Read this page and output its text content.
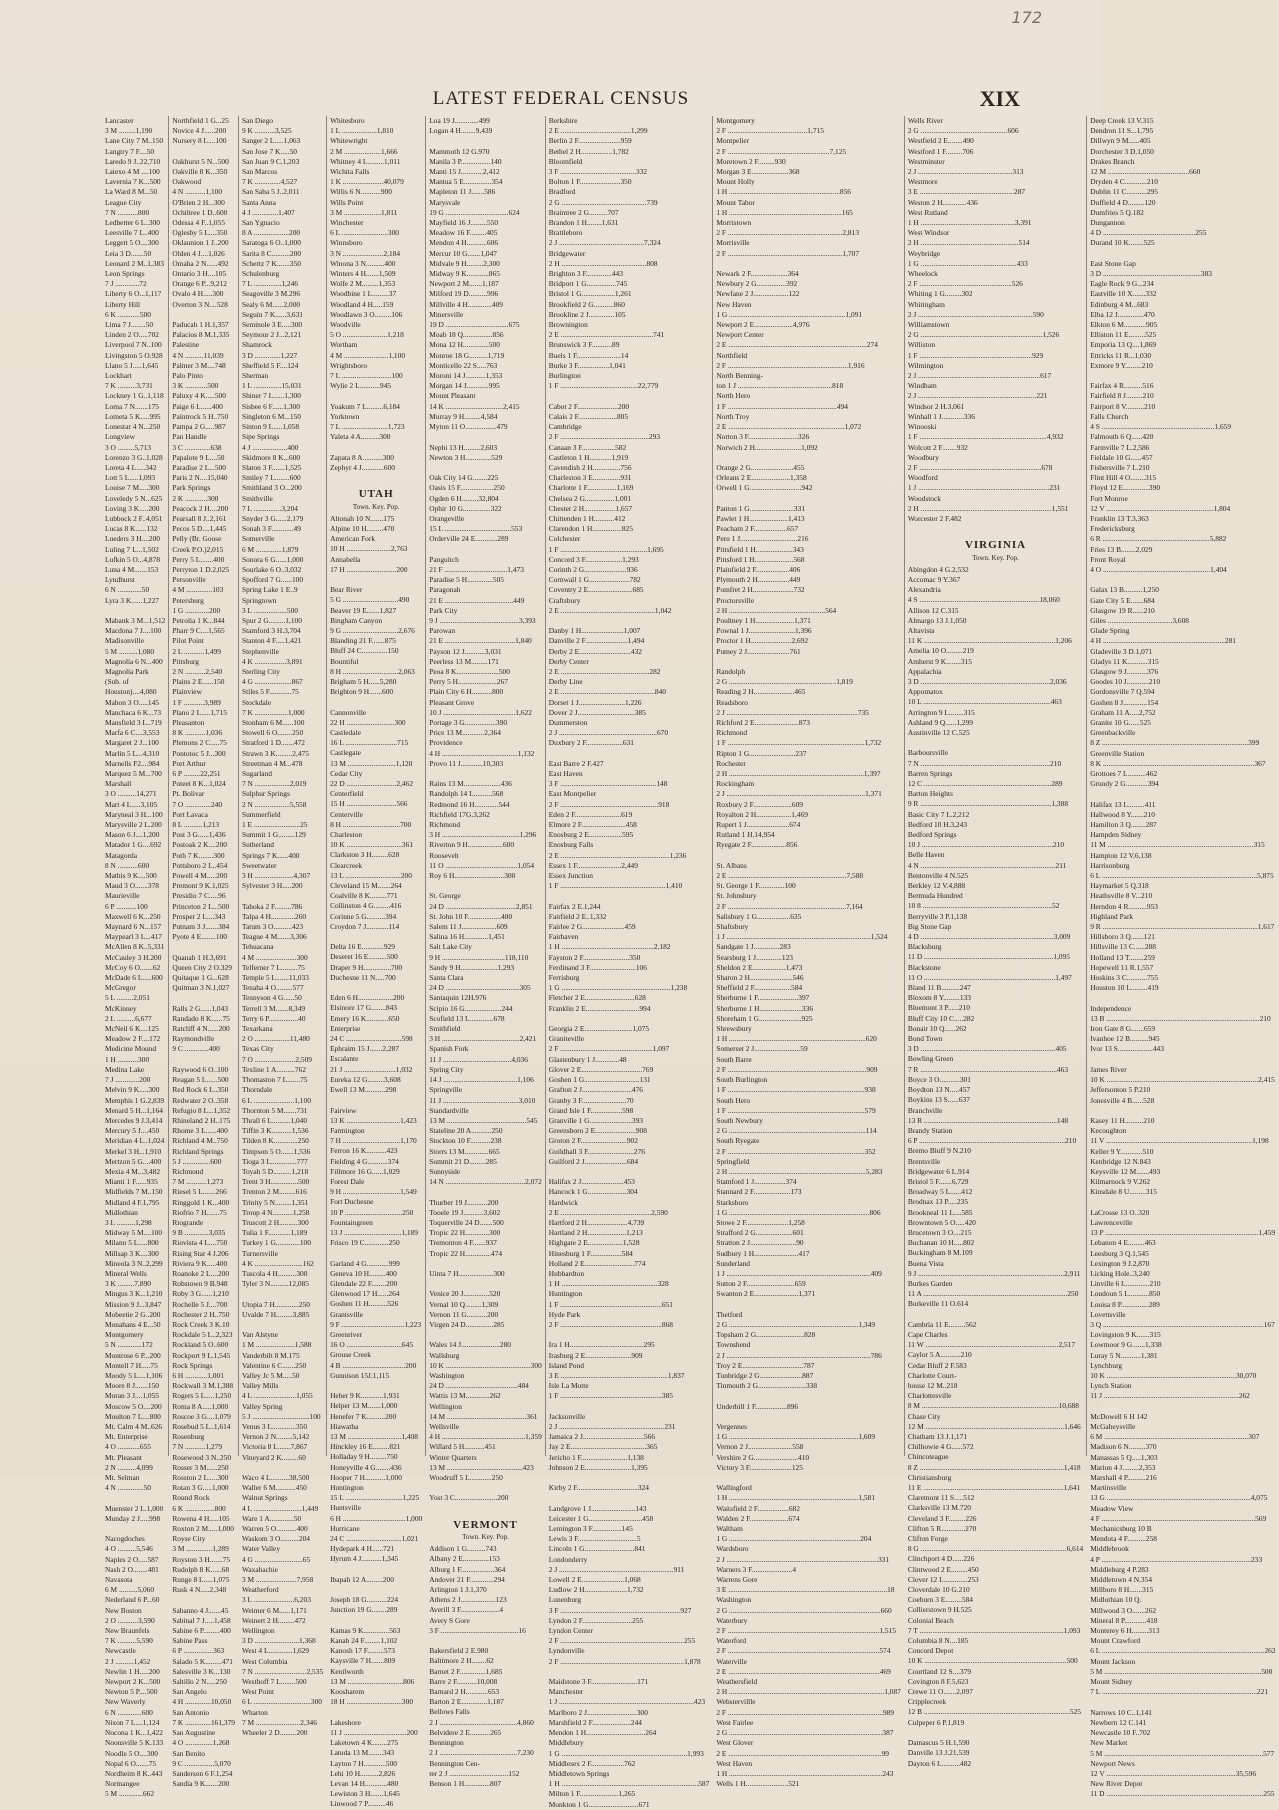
172
LATEST FEDERAL CENSUS	XIX
Lancaster
3 M .........1,190
Lane City 7 M..150
Langtry 7 F....50
Laredo 9 J..22,710
Latexo 4 M ....100
Lavernia 7 K...500
La Ward 8 M...50
League City
7 N ...........800
Ledbetter 6 L..300
Leesville 7 L..400
Leggett 5 O....300
Leia 3 D.......50
Leonard 2 M..1,383
Leon Springs
7 J .............72
Liberty 6 O...1,117
Liberty Hill
6 K ............500
Lima 7 J........50
Linden 2 O.....702
Liverpool 7 N..100
Livingston 5 O.928
Llano 5 J.....1,645
Lockhart
7 K ..........3,731
Lockney 1 G..1,118
Loma 7 N.......175
Lometa 5 K.....995
Lonestar 4 N...250
Longview
3 O .........5,713
Lorenzo 3 G..1,028
Loreta 4 L.....342
Lott 5 L.....1,093
Louise 7 M.....300
Loveledy 5 N...625
Loving 3 K.....200
Lubbock 2 F..4,051
Lucas 8 K......132
Lueders 3 H....200
Luling 7 L...1,502
Lufkin 5 O...4,878
Luna 4 M.......153
Lyndhurst
6 N .............50
Lyra 3 K......1,227

Mabank 3 M...1,512
Macdona 7 J....100
Madisonville
5 M ..........1,080
Magnolia 6 N...400
Magnolia Park
(Sub. of
Houston)....4,080
Mahon 3 O.....145
Manchaca 6 K...73
Mansfield 3 L..719
Marfa 6 C....3,553
Margaret 2 J...100
Marlin 5 L...4,310
Marnells F2....984
Marquez 5 M...700
Marshall
3 O ..........14,271
Mart 4 L.....3,105
Maryneal 3 H...100
Marysville 2 L.200
Mason 6 J....1,200
Matador 1 G....692
Matagorda
8 N ...........600
Mathis 9 K....500
Maud 3 O.......378
Maurieville
6 P ...........100
Maxwell 6 K...250
Maynard 6 N...157
Maypearl 3 L...417
McAllen 8 K..5,331
McCauley 3 H.200
McCoy 6 O.......62
McDade 6 L.....600
McGregor
5 L .........2,051
McKinney
2 L ..........6,677
McNeil 6 K....125
Meadow 2 F....172
Medicine Mound
1 H ...........300
Medina Lake
7 J .............200
Melvin 9 K.....300
Memphis 1 G.2,839
Menard 5 H...1,164
Mercedes 9 J.3,414
Mercury 5 J....450
Meridian 4 L..1,024
Merkel 3 H...1,910
Mertzon 5 G....400
Mexia 4 M...3,482
Miami 1 F......935
Midfields 7 M..150
Midland 4 F.1,795
Midlothian
3 L ..........1,298
Midway 5 M....100
Milano 5 L.....800
Millsap 3 K....300
Mineola 3 N..2,299
Mineral Wells
3 K .........7,890
Mingus 3 K...1,210
Mission 9 J...3,847
Mobeetie 2 G..200
Monahans 4 E...50
Montgomery
5 N .............172
Montrose 6 P...200
Montell 7 H.....75
Moody 5 L....1,106
Moore 8 J.......150
Moran 3 J....1,055
Moscow 5 O....200
Moulton 7 L....800
Mt. Calm 4 M..626
Mt. Enterprise
4 O ............655
Mt. Pleasant
2 N ..........4,099
Mt. Selman
4 N ..............50

Muenster 2 L.1,000
Munday 2 J.....998

Nacogdoches
4 O ..........5,546
Naples 2 O.....587
Nash 2 O........481
Navasota
6 M ..........5,060
Nederland 6 P...60
New Boston
2 O ...........3,590
New Braunfels
7 K ..........5,590
Newcastle
2 J ..........1,452
Newlin 1 H.....200
Newport 2 K...500
Newton 5 P....500
New Waverly
6 N .............600
Nixon 7 L....1,124
Nocona 1 K...1,422
Noonsville 5 K.133
Noodle 5 O....300
Nopal 6 O.......75
Nordheim 8 K..443
Normangee
5 M .............662
Northfield 1 G...25
Novice 4 J......200
Nursery 8 L....100

Oakhurst 5 N...500
Oakville 8 K...350
Oakwood
4 N ...........1,100
O'Brien 2 H...300
Ochiltree 1 D..600
Odessa 4 F..1,055
Oglesby 5 L....350
Oklaunion 1 J..200
Olden 4 J....1,026
Omaha 2 N......492
Ontario 3 H....105
Orange 6 P...9,212
Ovalo 4 H.....300
Overton 3 N....528

Paducah 1 H.1,357
Palacios 8 M.1,335
Palestine
4 N ..........11,039
Palmer 3 M....748
Palo Pinto
3 K ............500
Paluxy 4 K.....500
Paige 6 L......400
Paintrock 5 H..750
Pampa 2 G.....987
Pan Handle
3 C ..............638
Papalote 9 L....50
Paradise 2 L...500
Paris 2 N....15,040
Park Springs
2 K ............300
Peacock 2 H....200
Pearsall 8 J..2,161
Pecos 5 D....1,445
Pelly (Br. Goose
Creek P.O.)2,015
Perry 5 L.......400
Perryton 1 D.2,025
Personville
4 M ..............103
Petersburg
1 G .............200
Petrolia 1 K...844
Pharr 9 C....1,565
Pilot Point
2 L ...........1,499
Pittsburg
2 N ...........2,540
Plains 2 E......150
Plainview
1 F ...........3,989
Plano 2 L.....1,715
Pleasanton
8 K ...........1,036
Plemons 2 C.....75
Pontotoc 5 J...300
Port Arthur
6 P .........22,251
Poteet 8 K...1,024
Pt. Bolivar
7 O ..............240
Port Lavaca
8 L ..........1,213
Post 3 G......1,436
Postoak 2 K....200
Poth 7 K........300
Pottsboro 2 L..454
Powell 4 M.....200
Premont 9 K.1,025
Presidio 7 C.....96
Princeton 2 L...500
Prosper 2 L....343
Putnam 3 J.......384
Pyote 4 E........100

Quanah 1 H.3,691
Queen City 2 O.329
Quitaque 1 G...628
Quitman 3 N.1,027

Ralls 2 G......1,043
Randado 8 K......75
Ratcliff 4 N......200
Raymondville
9 C .............400

Raywood 6 O..100
Reagan 5 L......500
Red Rock 6 L..350
Redwater 2 O..358
Refugio 8 L...1,352
Rhineland 2 H..175
Rhome 3 L......400
Richland 4 M..750
Richland Springs
5 J ...............600
Richmond
7 M ...........1,273
Riesel 5 L.......266
Ringgold 1 K...400
Riofrio 7 H.......75
Riogrande
9 B .............3,035
Riovista 4 L....750
Rising Star 4 J.206
Riviera 9 K.....400
Roanoke 2 L....200
Robstown 9 B.948
Roby 3 G......1,210
Rochelle 5 J....700
Rochester 2 H..750
Rock Creek 3 K.10
Rockdale 5 L..2,323
Rockland 5 O..600
Rockport 9 L.1,545
Rock Springs
6 H ............1,001
Rockwall 3 M.1,388
Rogers 5 L.....1,250
Roma 8 A.....1,000
Roscoe 3 G....1,079
Rosebud 5 L..1,614
Rosenburg
7 N ...........1,279
Rosewood 3 N..250
Rosser 3 M......250
Rosston 2 L.....300
Rotan 3 G.....1,000
Round Rock
6 K ................800
Rowena 4 H.....105
Roxton 2 M.....1,000
Royse City
3 M ..............1,289
Royston 3 H.......75
Rudolph 8 K......68
Runge 8 L.....1,075
Rusk 4 N.....2,348

Sabanno 4 J.......45
Sabinal 7 J.....1,458
Sabine 6 P.........400
Sabine Pass
6 P ................363
Salado 5 K.........471
Salesville 3 K...130
Saltillo 2 N.....250
San Angelo
4 H ..............10,050
San Antonio
7 K ..............161,379
San Augustine
4 O ...............1,268
San Benito
9 C ................5,070
Sanderson 6 F.1,254
Sandia 9 K.......200
San Diego
9 K ...........3,525
Sanger 2 L.....1,063
San Jose 7 K.....50
San Juan 9 C.1,203
San Marcos
7 K ..............4,527
San Saba 5 J..2,011
Santa Anna
4 J ..............1,407
San Ygnacio
8 A ...................200
Saratoga 6 O..1,000
Sarita 8 C..........200
Schertz 7 K.......350
Schulenburg
7 L ...............1,246
Seagoville 3 M.296
Sealy 6 M......2,000
Seguin 7 K......3,631
Seminole 3 E.....300
Seymour 2 J...2,121
Shamrock
3 D ..............1,227
Sheffield 5 F....124
Sherman
1 L ...............15,031
Shiner 7 L......1,300
Sisbee 6 F......1,300
Singleton 6 M...150
Sinton 9 L.....1,058
Sipe Springs
4 J ...................400
Skidmore 8 K...600
Slaton 3 F.......1,525
Smiley 7 L........600
Smithland 3 O...200
Smithville
7 L ...............3,204
Snyder 3 G......2,179
Sonah 3 F............49
Somerville
6 M ..............1,879
Sonora 6 G......1,000
Sourlake 6 O..3,032
Spofford 7 G......100
Spring Lake 1 E..9
Springtown
3 L ..................500
Spur 2 G.........1,100
Stamford 3 H.3,704
Stanton 4 F.....1,421
Stephenville
4 K .................3,891
Sterling City
4 G ....................867
Stiles 5 F............75
Stockdale
7 K ..................1,000
Stonham 6 M......100
Stowell 6 O........250
Stratford 1 D.......472
Strawn 3 K.........2,475
Streetman 4 M...478
Sugarland
7 N ...................2,019
Sulphur Springs
2 N ...................5,558
Summerfield
1 E .........................25
Summit 1 G.........129
Sutherland
Springs 7 K......400
Sweetwater
3 H .....................4,307
Sylvester 3 H.....200

Tahoka 2 F.........786
Talpa 4 H.............260
Tatum 3 O..........423
Teague 4 M.......3,306
Tehuacana
4 M ......................300
Telferner 7 L.........75
Temple 5 L.......11,033
Tenaha 4 O.........577
Tennyson 4 G......50
Terrell 3 M.......8,349
Terry 6 P................40
Texarkana
2 O ...................11,480
Texas City
7 O ......................2,509
Texline 1 A..........762
Thomaston 7 L.......75
Thorndale
6 L ......................1,100
Thornton 5 M.......731
Thrall 6 L..........1,040
Tiffin 3 K...........1,536
Tilden 8 K.............250
Timpson 5 O.......1,536
Tioga 3 L..............777
Toyah 5 D..........1,218
Trent 3 H...............500
Trenton 2 M.........616
Trinity 5 N.........1,351
Troup 4 N...........1,258
Truscott 2 H..........300
Tulia 1 F............1,189
Turkey 1 G.............100
Turnersville
4 K ..........................162
Tuscola 4 H..........300
Tyler 3 N..........12,085

Utopia 7 H.............250
Uvalde 7 H.........3,885

Van Alstyne
1 M .....................1,588
Vanderbilt 8 M.175
Valentine 6 C.......250
Valley Jc 5 M.....50
Valley Mills
4 L .......................1,055
Valley Spring
5 J ...............................100
Venus 3 L.............350
Vernon 2 N.........5,142
Victoria 8 L.......7,867
Vineyard 2 K.........60

Waco 4 L..........38,500
Waller 6 M...........450
Walnut Springs
4 L ..........................1,449
Ware 1 A.............50
Warren 5 O...........400
Waskom 3 O..........204
Water Valley
4 G ..........................65
Waxahachie
3 M ......................7,958
Weatherford
3 L ......................6,203
Weimer 6 M......1,171
Weinert 2 H.........472
Wellington
3 D ........................1,368
West 4 L.............1,629
West Columbia
7 N ............................2,535
Westhoff 7 L........500
West Point
6 L ...............................300
Wharton
7 M ........................2,346
Wheeler 2 D.........200
Whitesboro
1 L ...................1,810
Whitewright
2 M ....................1,666
Whitney 4 L.........1,011
Wichita Falls
1 K ......................40,079
Willis 6 N...........900
Wills Point
3 M ....................1,811
Winchester
6 L .........................300
Winnsboro
3 N ......................2,184
Winona 3 N..........400
Winters 4 H.......1,509
Wolfe 2 M.........1,353
Woodbine 1 L.........37
Woodland 4 H.....159
Woodlawn 3 O.........106
Woodville
5 O ........................1,218
Wortham
4 M ........................1,100
Wrightsboro
7 L ...........................100
Wylie 2 L...........945

Yoakum 7 L.........6,184
Yorktown
7 L .........................1,723
Yaleta 4 A..........300

Zapata 8 A...........300
Zephyr 4 J............600

UTAH
Town. Key. Pop.
Altonah 10 N.......175
Alpine 10 H.........470
American Fork
10 H ........................2,763
Annabella
17 H ...........................200

Bear River
5 G ..............................490
Beaver 19 E.......1,827
Bingham Canyon
9 G ..............................2,676
Blanding 21 F.......875
Bluff 24 C..............150
Bountiful
8 H ..............................2,063
Brigham 5 H......5,280
Brighton 9 H.......600

Cannonville
22 H ..........................300
Castledale
16 L ............................715
Castlegate
13 M ..........................1,120
Cedar City
22 D ...........................2,462
Centerfield
15 H ...........................566
Centerville
8 H ...............................700
Charleston
10 K ..............................361
Clarkston 3 H.........628
Clearcreek
13 L ..............................200
Cleveland 15 M.......264
Coalville 8 K.........771
Collinston 4 G.........416
Corinne 5 G..........394
Croydon 7 J............114

Delta 16 E............929
Deseret 16 E..........500
Draper 9 H...............700
Duchesne 11 N.....700

Eden 6 H...................200
Elsinore 17 G........843
Emery 16 K............650
Enterprise
24 C ..............................598
Ephraim 15 J.......2,287
Escalante
21 J ............................1,032
Eureka 12 G.........3,608
Ewell 13 M...........298

Fairview
13 K .............................1,423
Farmington
7 H ...............................1,170
Ferron 16 K...........423
Fielding 4 G...........374
Fillmore 16 G......1,029
Forest Dale
9 H ...............................1,549
Fort Duchesne
10 P ...............................250
Fountaingreen
13 J ...............................1,189
Frisco 19 C.............250

Garland 4 G............999
Geneva 10 H.........400
Glendale 22 F........200
Glenwood 17 H......264
Goshen 11 H..........526
Grantsville
9 F ..................................1,223
Greenriver
16 O ..............................645
Grouse Creek
4 B ..................................200
Gunnison 15J.1,115

Heber 9 K............1,931
Helper 13 M.......1,000
Henefer 7 K..........200
Hiawatha
13 M .............................1,408
Hinckley 16 E.........821
Holladay 9 H.........750
Honeyville 4 G........436
Hooper 7 H...........1,000
Huntington
15 L ...............................1,225
Huntsville
6 H ..................................1,000
Hurricane
24 C ..............................1,021
Hydepark 4 H......721
Hyrum 4 J...........1,345

Ibapah 12 A.........200

Joseph 18 G...........224
Junction 19 G........289

Kamas 9 K..............563
Kanab 24 F.........1,102
Kanosh 17 F.........573
Kaysville 7 H.......809
Kenilworth
13 M ..............................806
Koosharem
18 H ..............................300

Lakeshore
11 J ..................................200
Laketown 4 K........275
Latuda 13 M........343
Layton 7 H............500
Lehi 10 H..........2,826
Levan 14 H............480
Lewiston 3 H.......1,645
Linwood 7 P..........46
Loa 19 J.............499
Logan 4 H........9,439

Mammoth 12 G.970
Manila 3 P................140
Manti 15 J............2,412
Mantua 5 E...............354
Mapleton 11 J.......586
Marysvale
19 G ..................................624
Mayfield 16 J.........550
Meadow 16 F.........405
Mendon 4 H...........606
Mercur 10 G.......1,047
Midvale 9 H.........2,300
Midway 9 K............865
Newport 2 M.......1,187
Milford 19 D..........996
Millville 4 H.............409
Minersville
19 D ..................................675
Moab 18 Q................856
Mona 12 H..............500
Monroe 18 G..........1,719
Monticello 22 S.....763
Moroni 14 J...........1,353
Morgan 14 J............995
Mount Pleasant
14 K ...............................2,415
Murray 9 H.........4,584
Myton 11 O.................479

Nephi 13 H.........2,603
Newton 3 H..............529

Oak City 14 G........225
Oasis 15 F..................250
Ogden 6 H.........32,804
Ophir 10 G...............322
Orangeville
15 L ....................................553
Orderville 24 E............289

Panguitch
21 F ..................................1,473
Paradise 5 H..............505
Paragonah
21 E .....................................449
Park City
9 J ...........................................3,393
Parowan
21 E ......................................1,840
Payson 12 J...........3,031
Peerless 13 M.........171
Peoa 8 K.......................500
Perry 5 H.....................267
Plain City 6 H...........800
Pleasant Grove
10 J .......................................1,622
Portage 3 G.................390
Price 13 M............2,364
Providence
4 H .........................................1,132
Provo 11 J............10,303

Rains 13 M....................436
Randolph 14 L..........568
Redmond 16 H.............544
Richfield 17G.3,262
Richmond
3 H ..........................................1,296
Riverton 9 H...................600
Roosevelt
11 O .......................................1,054
Roy 6 H...........................300

St. George
24 D ......................................2,851
St. John 10 F..................400
Salem 11 J...................609
Salina 16 H.............1,451
Salt Lake City
9 H ..................................118,110
Sandy 9 H....................1,293
Santa Clara
24 D ........................................305
Santaquin 12H.976
Scipio 16 G....................244
Scofield 13 L.............678
Smithfield
3 H ..........................................2,421
Spanish Fork
11 J .....................................4,036
Spring City
14 J ........................................1,106
Springville
11 J .........................................3,010
Standardville
13 M ...........................................545
Stateline 20 A...........250
Stockton 10 F...........238
Storrs 13 M.............665
Summit 21 D.........285
Sunnyside
14 N ...........................................2,072

Thurber 19 J...........200
Tooele 19 J...........3,602
Toquerville 24 D.......500
Tropic 22 H.............300
Tremonton 4 F.......937
Tropic 22 H..............474

Uinta 7 H...................300

Venice 20 J..............520
Vernal 10 Q.........1,309
Vernon 11 G...........200
Virgen 24 D...............285

Wales 14 J.....................280
Wallsburg
10 K ..............................................300
Washington
24 D .......................................484
Wattis 13 M.............262
Wellington
14 M ...........................................361
Wellsville
4 H .............................................1,359
Willard 5 H...........451
Winter Quarters
13 M .........................................423
Woodruff 5 L............250

Yost 3 C.......................200

VERMONT
Town. Key. Pop.
Addison 1 G..........743
Albany 2 E..............153
Alburg 1 F..................364
Andover 21 F.............294
Arlington 1 J.1,370
Athens 2 J...................123
Averill 3 F.....................4
Avery S Gore
3 F ..........................................16

Bakersfield 2 E.980
Baltimore 2 H........62
Barnet 2 F..............1,685
Barre 2 F...........10,008
Barnard 2 H............653
Barton 2 E..............1,187
Bellows Falls
2 J ..........................................4,860
Belvidere 2 E...........265
Bennington
2 J ..........................................7,230
Bennington Cen-
ter 2 J ................................152
Benson 1 H..............807
Berkshire
2 E ......................................1,299
Berlin 2 F.......................959
Bethel 2 H.................1,782
Bloomfield
3 F .........................................332
Bolton 1 F......................350
Bradford
2 G ..............................................739
Braintree 2 G..........707
Brandon 1 H........1,631
Brattleboro
2 J ..............................................7,324
Bridgewater
2 H ..............................................808
Brighton 3 F..............443
Bridport 1 G................745
Bristol 1 G..................1,261
Brookfield 2 G...........860
Brookline 2 J..............105
Brownington
2 E ..................................................741
Brunswick 3 F...........89
Buels 1 F........................14
Burke 3 F.................1,041
Burlington
1 F ..........................................22,779

Cabot 2 F......................200
Calais 2 F.....................805
Cambridge
2 F ................................................293
Canaan 3 F..................582
Castleton 1 H............1,919
Cavendish 2 H...............756
Charleston 3 E...............931
Charlotte 1 F................1,169
Chelsea 2 G................1,001
Chester 2 H.................1,657
Chittenden 1 H...........412
Clarendon 1 H................825
Colchester
1 F ...............................................1,695
Concord 3 F....................1,293
Corinth 2 G.......................936
Cornwall 1 G......................782
Coventry 2 E........................685
Craftsbury
2 E ...................................................1,042

Danby 1 H.......................1,007
Danville 2 F.......................1,494
Derby 2 E............................432
Derby Center
2 E ................................................282
Derby Line
2 E ...................................................840
Dorset 1 J.........................1,226
Dover 2 J...............................385
Dummerston
2 J .....................................................670
Duxbury 2 F....................631

East Barre 2 F.427
East Haven
3 F ....................................................148
East Montpelier
2 F .....................................................918
Eden 2 F.........................619
Elmore 2 F........................458
Enosburg 2 E..................595
Enosburg Falls
2 E ...........................................................1,236
Essex 1 F........................2,449
Essex Junction
1 F .........................................................1,410

Fairfax 2 E.1,244
Fairfield 2 E..1,332
Fairlee 2 G.......................459
Fairhaven
1 H ..................................................2,182
Fayston 2 F.........................350
Ferdinand 3 F.........................106
Ferrisburg
1 G ...........................................................1,238
Fletcher 2 E...........................628
Franklin 2 E.............................994

Georgia 2 E..........................1,075
Graniteville
2 F ..................................................1,097
Glastenbury 1 J.............48
Glover 2 E.................................769
Goshen 1 G..............................131
Grafton 2 J...........................476
Granby 3 F........................70
Grand Isle 1 F.................598
Granville 1 G.......................393
Greensboro 2 E......................908
Groton 2 F.........................902
Guildhall 3 F.........................276
Guilford 2 J.......................684

Halifax 2 J.......................453
Hancock 1 G.....................304
Hardwick
2 E .................................................2,590
Hartford 2 H......................4,739
Hartland 2 H.....................1,213
Highgate 2 E...................1,528
Hinesburg 1 F.................584
Holland 2 E...........................774
Hubbardton
1 H ....................................................328
Huntington
1 F .......................................................651
Hyde Park
2 F .......................................................868

Ira 1 H........................................295
Irasburg 2 E.........................909
Island Pond
3 E ..........................................................1,837
Isle La Motte
1 F .......................................................385

Jacksonville
2 J .........................................................231
Jamaica 2 J.................................566
Jay 2 E.........................................365
Jericho 1 F.........................1,138
Johnson 2 E.........................1,395

Kirby 2 F.................................324

Landgrove 1 J........................143
Leicester 1 G.............................458
Lemington 3 F................145
Lewis 3 F................................5
Lincoln 1 G...........................841
Londonderry
2 J ..............................................................911
Lowell 2 E.......................1,068
Ludlow 2 H.......................1,732
Lunenburg
3 F .................................................................927
Lyndon 2 F...........................255
Lyndon Center
2 F ...................................................................255
Lyndonville
2 F ...................................................................1,878

Maidstone 3 F.........................171
Manchester
1 J .........................................................................423
Marlboro 2 J...........................300
Marshfield 2 F.....................244
Mendon 1 H................................264
Middlebury
1 G ....................................................................1,993
Middlesex 2 F..................762
Middletown Springs
1 H ..........................................................................587
Milton 1 F.....................1,265
Monkton 1 G...........................671
Montgomery
2 F ...........................................1,715
Montpelier
2 F .......................................................7,125
Moretown 2 F.........930
Morgan 3 E....................368
Mount Holly
1 H ............................................................856
Mount Tabor
1 H .............................................................165
Morristown
2 F ..............................................................2,813
Morrisville
2 F ..............................................................1,707

Newark 2 F....................364
Newbury 2 G................392
Newfane 2 J...................122
New Haven
1 G ...............................................................1,091
Newport 2 E.....................4,976
Newport Center
2 E ...........................................................................274
Northfield
2 F .................................................................1,916
North Benning-
ton 1 J ...................................................818
North Hero
1 F ...........................................................494
North Troy
2 E ...............................................................1,072
Norton 3 F...........................326
Norwich 2 H.........................1,092

Orange 2 G.......................455
Orleans 2 E.....................1,358
Orwell 1 G............................942

Panton 1 G........................331
Pawlet 1 H.....................1,413
Peacham 2 F..................657
Peru 1 J...............................216
Pittsfield 1 H....................343
Pittsford 1 H.....................568
Plainfield 2 F..................406
Plymouth 2 H.................449
Pomfret 2 H......................732
Proctorsville
2 H ....................................................564
Poultney 1 H.....................1,371
Pownal 1 J.........................1,396
Proctor 1 H......................2,692
Putney 2 J.......................761

Randolph
2 G ..........................................................1,819
Reading 2 H......................465
Readsboro
2 J .......................................................................735
Richford 2 E........................873
Richmond
1 F ..........................................................................1,732
Ripton 1 G.........................237
Rochester
2 H .........................................................................1,397
Rockingham
2 J ...........................................................................1,371
Roxbury 2 F.....................609
Royalton 2 H...................1,469
Rupert 1 J.......................674
Rutland 1 H.14,954
Ryegate 2 F...................856

St. Albans
2 E ................................................................7,588
St. George 1 F..............100
St. Johnsbury
2 F ................................................................7,164
Salisbury 1 G..................635
Shaftsbury
1 J ..............................................................................1,524
Sandgate 1 J..............283
Searsburg 1 J..............123
Sheldon 2 E..................1,473
Sharon 2 H.......................546
Sheffield 2 F....................584
Sherburne 1 F......................397
Sherburne 1 H.......................336
Shoreham 1 G.......................925
Shrewsbury
1 H ..........................................................................620
Somerset 2 J.........................59
South Barre
2 F ...........................................................................909
South Burlington
1 F ..........................................................................938
South Hero
1 F ..........................................................................579
South Newbury
2 G ..........................................................................114
South Ryegate
2 F ..........................................................................352
Springfield
2 H ..........................................................................5,283
Stamford 1 J.................374
Stannard 2 F....................173
Starksboro
1 G ............................................................................806
Stowe 2 F.......................1,258
Strafford 2 G....................601
Stratton 2 J.........................90
Sudbury 1 H........................417
Sunderland
1 J ..............................................................................409
Sutton 2 F..........................659
Swanton 2 E........................1,371

Thetford
2 G ......................................................................1,349
Topsham 2 G..........................828
Townshend
2 J ..............................................................................786
Troy 2 E.................................787
Tunbridge 2 G.......................887
Tinmouth 2 G..........................338

Underhill 1 F.................896

Vergennes
1 G ......................................................................1,609
Vernon 2 J........................558
Vershire 2 G........................410
Victory 3 F.......................125

Wallingford
1 H ......................................................................1,581
Waitsfield 2 F.................682
Walden 2 F.....................674
Waltham
1 G .......................................................................204
Wardsboro
2 J ..................................................................................331
Warners 3 F......................4
Warrens Gore
3 E ......................................................................................18
Washington
2 G ..................................................................................660
Waterbury
2 F ..................................................................................1,515
Waterford
2 F ..................................................................................574
Waterville
2 E ..................................................................................469
Weathersfield
2 H ....................................................................................1,087
Webstervillle
2 F ....................................................................................989
West Fairlee
2 G ...................................................................................387
West Glover
2 E ...................................................................................99
West Haven
1 H ...................................................................................243
Wells 1 H.......................521
Wells River
2 G ...............................................606
Westfield 2 E........490
Westford 1 F.........706
Westminster
2 J ...................................................313
Westmore
3 E ...................................................287
Weston 2 H.............436
West Rutland
1 H ...................................................3,391
West Windsor
2 H .....................................................514
Weybridge
1 G ....................................................433
Wheelock
2 F ..................................................526
Whiting 1 G.........302
Whitingham
2 J ..............................................................590
Williamstown
2 G ..................................................................1,526
Williston
1 F .............................................................929
Wilmington
2 J ..................................................................617
Windham
2 J ................................................................221
Windsor 2 H.3,061
Winhall 1 J............336
Winooski
1 F .....................................................................4,932
Wolcott 2 F........932
Woodbury
2 F ..................................................................678
Woodford
1 J .......................................................................231
Woodstock
2 H .......................................................................1,551
Worcester 2 F.482

VIRGINIA
Town. Key. Pop.
Abingdon 4 G.2,532
Accomac 9 Y.367
Alexandria
4 S .................................................................18,060
Allison 12 C.315
Almargo 13 J.1,050
Altavista
11 K .......................................................................1,206
Amelia 10 O.........219
Amherst 9 K........315
Appalachia
3 D ......................................................................2,036
Appomatox
10 L .....................................................................463
Arrington 9 L........315
Ashland 9 Q......1,299
Austinville 12 C.525

Barboursville
7 N ......................................................................210
Barren Springs
12 C .....................................................................289
Barton Heights
9 R .......................................................................1,388
Basic City 7 L.2,212
Bedford 10 H.3,243
Bedford Springs
10 J .......................................................................210
Belle Haven
4 N .........................................................................211
Bentonville 4 N.525
Berkley 12 V.4,888
Bermuda Hundred
10 8 ......................................................................52
Berryville 3 P.1,138
Big Stone Gap
4 D ........................................................................3,009
Blacksburg
11 D ......................................................................1,095
Blackstone
11 O .......................................................................1,497
Bland 11 B..........247
Bloxom 8 Y.........133
Bluemont 3 P......210
Bluff City 10 C.....282
Bonair 10 Q......262
Bond Town
3 D .........................................................................405
Bowling Green
7 R ..........................................................................463
Boyce 3 O...........301
Boydton 13 N.....457
Boykins 13 S......637
Branchville
13 R ........................................................................148
Brandy Station
6 P ...............................................................................210
Bremo Bluff 9 N.210
Brentsville
Bridgewater 6 L.914
Bristol 5 F.......6,729
Broadway 5 L......412
Brodnax 13 P.....235
Brookneal 11 L....585
Browntown 5 O.....420
Brucetown 3 O....215
Buchanan 10 H.....802
Buckingham 8 M.109
Buena Vista
9 J ...............................................................................2,911
Burkes Garden
11 A ..............................................................................250
Burkeville 11 O.614

Cambria 11 E.........562
Cape Charles
11 W ........................................................................2,517
Caylor 5 A...........210
Cedar Bluff 2 F.583
Charlotte Court-
house 12 M..218
Charlottesville
8 M ..........................................................................10,688
Chase City
12 M ...........................................................................1,646
Chatham 13 J.1,171
Chilhowie 4 G......572
Chincoteague
8 Z ..............................................................................1,418
Christiansburg
11 E ............................................................................1,641
Claremont 11 S.....512
Clarksville 13 M.720
Cleveland 3 F.........226
Clifton 5 R.............270
Clifton Forge
8 G ...............................................................................6,614
Clinchport 4 D......226
Clintwood 2 E.........450
Clover 12 L.............253
Cloverdale 10 G.210
Coeburn 3 E.........584
Collierstown 9 H.525
Colonial Beach
7 T ..............................................................................1,093
Columbia 8 N....185
Concord Depot
10 K .............................................................................500
Courtland 12 S....379
Covington 8 F.5,623
Crewe 11 O.......2,097
Cripplecreek
12 B ...............................................................................525
Culpeper 6 P.1,819

Damascus 5 H.1,590
Danville 13 J.21,539
Dayton 6 L..........482
Deep Creek 13 V.315
Dendron 11 S...1,795
Dillwyn 9 M......405
Dorchester 3 D.1,050
Drakes Branch
12 M ............................................660
Dryden 4 C............210
Dublin 11 C...........295
Duffield 4 D.........120
Dumfries 5 Q.182
Dungannon
4 D ..................................................255
Durand 10 K........525

East Stone Gap
3 D .....................................................383
Eagle Rock 9 G...234
Eastville 10 X.......332
Edinburg 4 M...683
Elba 12 J..............470
Elkton 6 M............905
Elliston 11 E.........525
Emporia 13 Q....1,869
Ettricks 11 R...1,030
Exmore 9 Y.........210

Fairfax 4 R..........516
Fairfield 8 J.........210
Fairport 8 V..........210
Falls Church
4 S .............................................................1,659
Falmouth 6 Q......420
Farmville 7 L.2,586
Fieldale 10 G......457
Fishersville 7 L.210
Flint Hill 4 O........315
Floyd 12 E..............390
Fort Monroe
12 V ..........................................................1,804
Franklin 13 T.3,363
Fredericksburg
6 R ..........................................................5,882
Fries 13 B........2,029
Front Royal
4 O ..........................................................1,404

Galax 13 B..........1,250
Gate City 5 E.......684
Glasgow 19 R......210
Giles ...................................3,608
Glade Spring
4 H ..................................................................281
Gladeville 3 D.1,071
Gladys 11 K...........315
Glasgow 9 J...........376
Goodes 10 J............210
Gordonsville 7 Q.594
Goshen 8 J.............154
Graham 11 A.....2,752
Granite 10 G......525
Greenbackville
8 Z ...............................................................................399
Greenville Station
8 K ..................................................................................367
Grottoes 7 L..........462
Grundy 2 G............394

Halifax 13 L.........411
Hallwood 8 Y.......210
Hamilton 3 Q........287
Hampden Sidney
11 M ...............................................................................315
Hampton 12 V.6,138
Harrisonburg
6 L ....................................................................................5,875
Haymarket 5 Q.318
Heathsville 8 V...210
Herndon 4 R..........953
Highland Park
9 R ....................................................................................1,617
Hillsboro 3 Q.......121
Hillsville 13 C......288
Holland 13 T........259
Hopewell 11 R.1,557
Hoskins 3 C...........755
Houston 10 L.........419

Independence
13 B ...................................................................................210
Iron Gate 8 G.......659
Ivanhoe 12 B..........945
Ivor 13 S...................443

James River
10 K ..................................................................................2,415
Jeffersonton 5 P.210
Jonesville 4 B......528

Kasey 11 H..........210
Kecoughton
11 V ...............................................................................1,198
Keller 9 Y............510
Kenbridge 12 N.843
Keysville 12 M.......493
Kilmarnock 9 V.262
Kinsdale 8 U.........315

LaCrosse 13 O..320
Lawrenceville
13 P ...................................................................................1,459
Lebanon 4 E.........463
Leesburg 3 Q.1,545
Lexington 9 J.2,870
Licking Hole..3,240
Linville 6 L.............210
Loudoun 5 L...........850
Louisa 8 P...............289
Lovettsville
3 Q .......................................................................................167
Lovingston 9 K.......315
Lowmoor 9 G.......1,338
Luray 5 N...........1,381
Lynchburg
10 K ......................................................................30,070
Lynch Station
11 J .........................................................................262

McDowell 6 H 142
McGaheysville
6 M ..............................................................................307
Madison 6 N.........370
Manassas 5 Q.....1,303
Marion 4 J.........2,353
Marshall 4 P..........216
Martinsville
13 G ..............................................................................4,075
Meadow View
4 F ...................................................................................569
Mechanicsburg 10 B
Mendota 4 F..........258
Middlebrook
4 P .................................................................................233
Middleburg 4 P.283
Middletown 4 N.354
Millboro 8 H.......315
Midlothian 10 Q.
Millwood 3 O.......262
Mineral 8 P............418
Monterey 6 H.........313
Mount Crawford
6 L ........................................................................................262
Mount Jackson
5 M .....................................................................................500
Mount Sidney
7 L ....................................................................................221

Narrows 10 C..1,141
Newbern 12 C.141
Newcastle 10 F..702
New Market
5 M ......................................................................................577
Newport News
12 V ......................................................................35,596
New River Depot
11 D .....................................................................................255
